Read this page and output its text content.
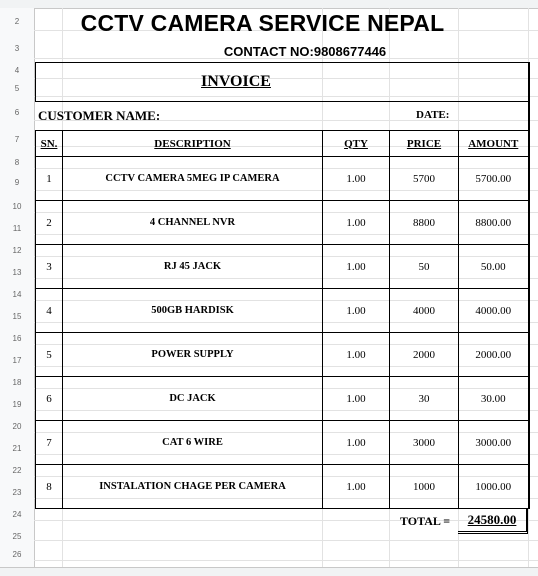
2
3
4
5
6
7
8
9
10
11
12
13
14
15
16
17
18
19
20
21
22
23
24
25
26
CCTV CAMERA SERVICE NEPAL
CONTACT NO:9808677446
INVOICE
CUSTOMER NAME:	DATE:
SN.	DESCRIPTION	QTY	PRICE	AMOUNT
1	CCTV CAMERA 5MEG IP CAMERA	1.00	5700	5700.00
2	4 CHANNEL NVR	1.00	8800	8800.00
3	RJ 45 JACK	1.00	50	50.00
4	500GB HARDISK	1.00	4000	4000.00
5	POWER SUPPLY	1.00	2000	2000.00
6	DC JACK	1.00	30	30.00
7	CAT 6 WIRE	1.00	3000	3000.00
8	INSTALATION CHAGE PER CAMERA	1.00	1000	1000.00
TOTAL =	24580.00
